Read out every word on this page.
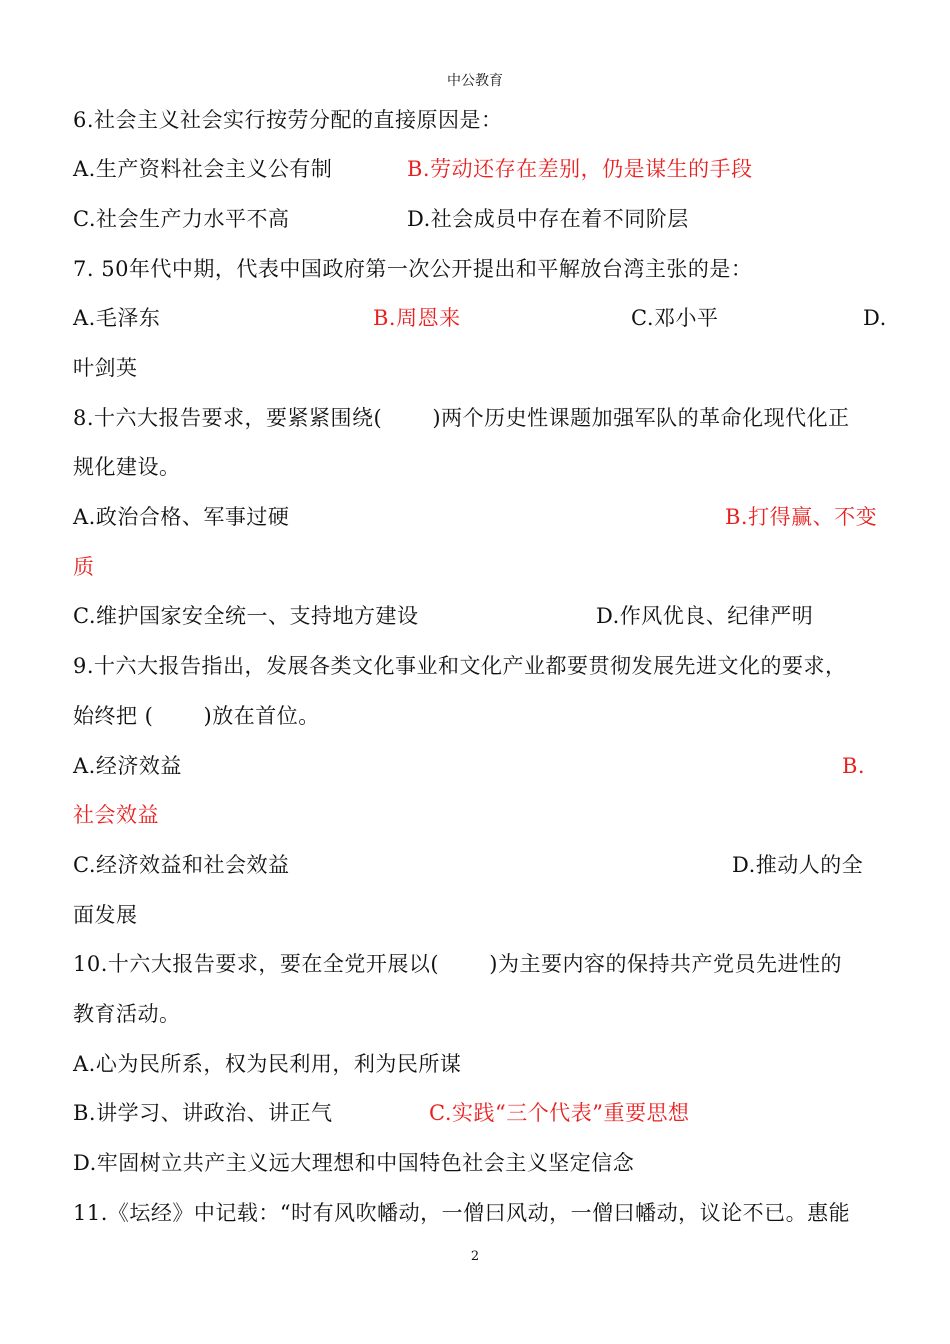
中公教育
6.社会主义社会实行按劳分配的直接原因是：
A.生产资料社会主义公有制	B.劳动还存在差别，仍是谋生的手段
C.社会生产力水平不高	D.社会成员中存在着不同阶层
7. 50年代中期，代表中国政府第一次公开提出和平解放台湾主张的是：
A.毛泽东	B.周恩来	C.邓小平	D.
叶剑英
8.十六大报告要求，要紧紧围绕(　　 )两个历史性课题加强军队的革命化现代化正
规化建设。
A.政治合格、军事过硬	B.打得赢、不变
质
C.维护国家安全统一、支持地方建设	D.作风优良、纪律严明
9.十六大报告指出，发展各类文化事业和文化产业都要贯彻发展先进文化的要求，
始终把 (　　 )放在首位。
A.经济效益	B.
社会效益
C.经济效益和社会效益	D.推动人的全
面发展
10.十六大报告要求，要在全党开展以(　　 )为主要内容的保持共产党员先进性的
教育活动。
A.心为民所系，权为民利用，利为民所谋
B.讲学习、讲政治、讲正气	C.实践“三个代表”重要思想
D.牢固树立共产主义远大理想和中国特色社会主义坚定信念
11.《坛经》中记载：“时有风吹幡动，一僧曰风动，一僧曰幡动，议论不已。惠能
2
